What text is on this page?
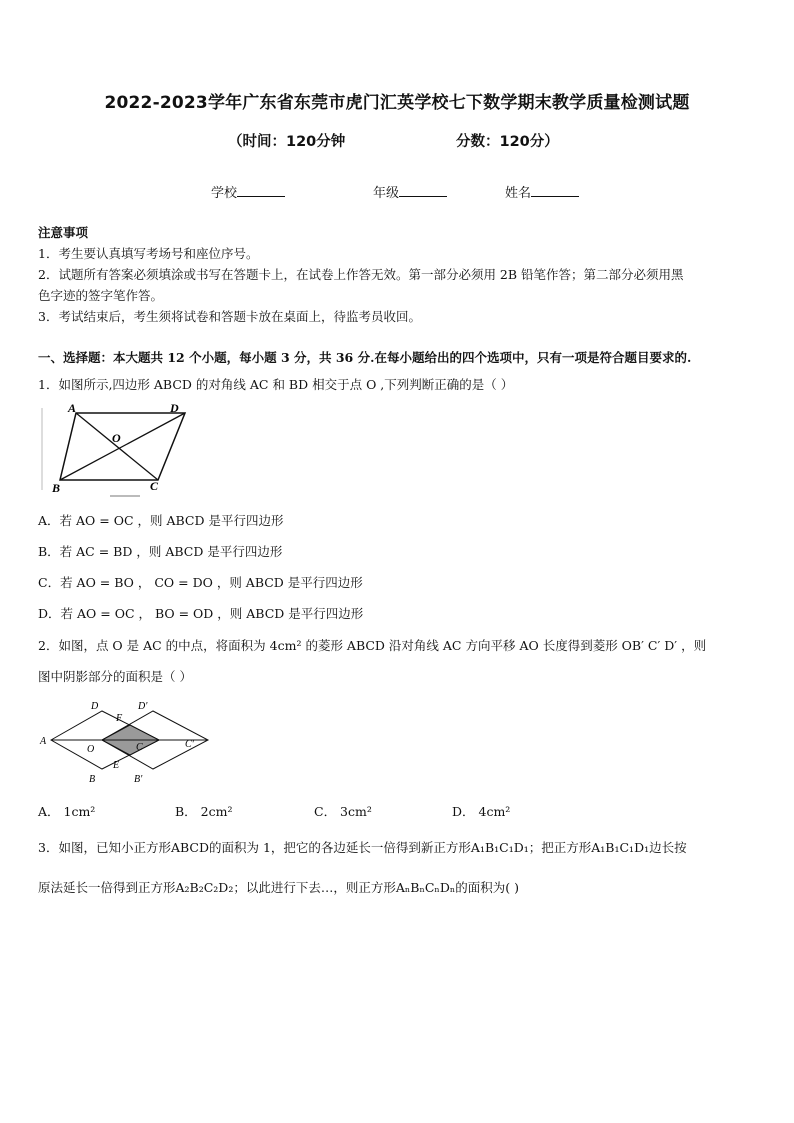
2022-2023学年广东省东莞市虎门汇英学校七下数学期末教学质量检测试题
（时间：120分钟	分数：120分）
学校	年级	姓名
注意事项
1．考生要认真填写考场号和座位序号。
2．试题所有答案必须填涂或书写在答题卡上，在试卷上作答无效。第一部分必须用 2B 铅笔作答；第二部分必须用黑
色字迹的签字笔作答。
3．考试结束后，考生须将试卷和答题卡放在桌面上，待监考员收回。
一、选择题：本大题共 12 个小题，每小题 3 分，共 36 分.在每小题给出的四个选项中，只有一项是符合题目要求的.
1．如图所示,四边形 ABCD 的对角线 AC 和 BD 相交于点 O ,下列判断正确的是（ ）
A	D
O
B	C
A．若 AO = OC ，则 ABCD 是平行四边形
B．若 AC = BD ，则 ABCD 是平行四边形
C．若 AO = BO ， CO = DO ，则 ABCD 是平行四边形
D．若 AO = OC ， BO = OD ，则 ABCD 是平行四边形
2．如图，点 O 是 AC 的中点，将面积为 4cm² 的菱形 ABCD 沿对角线 AC 方向平移 AO 长度得到菱形 OB′ C′ D′ ，则
图中阴影部分的面积是（ ）
D	D'
F
A
O	C	C'
E
B	B'
A． 1cm²	B． 2cm²	C． 3cm²	D． 4cm²
3．如图，已知小正方形ABCD的面积为 1，把它的各边延长一倍得到新正方形A₁B₁C₁D₁；把正方形A₁B₁C₁D₁边长按
原法延长一倍得到正方形A₂B₂C₂D₂；以此进行下去…，则正方形AₙBₙCₙDₙ的面积为( )
